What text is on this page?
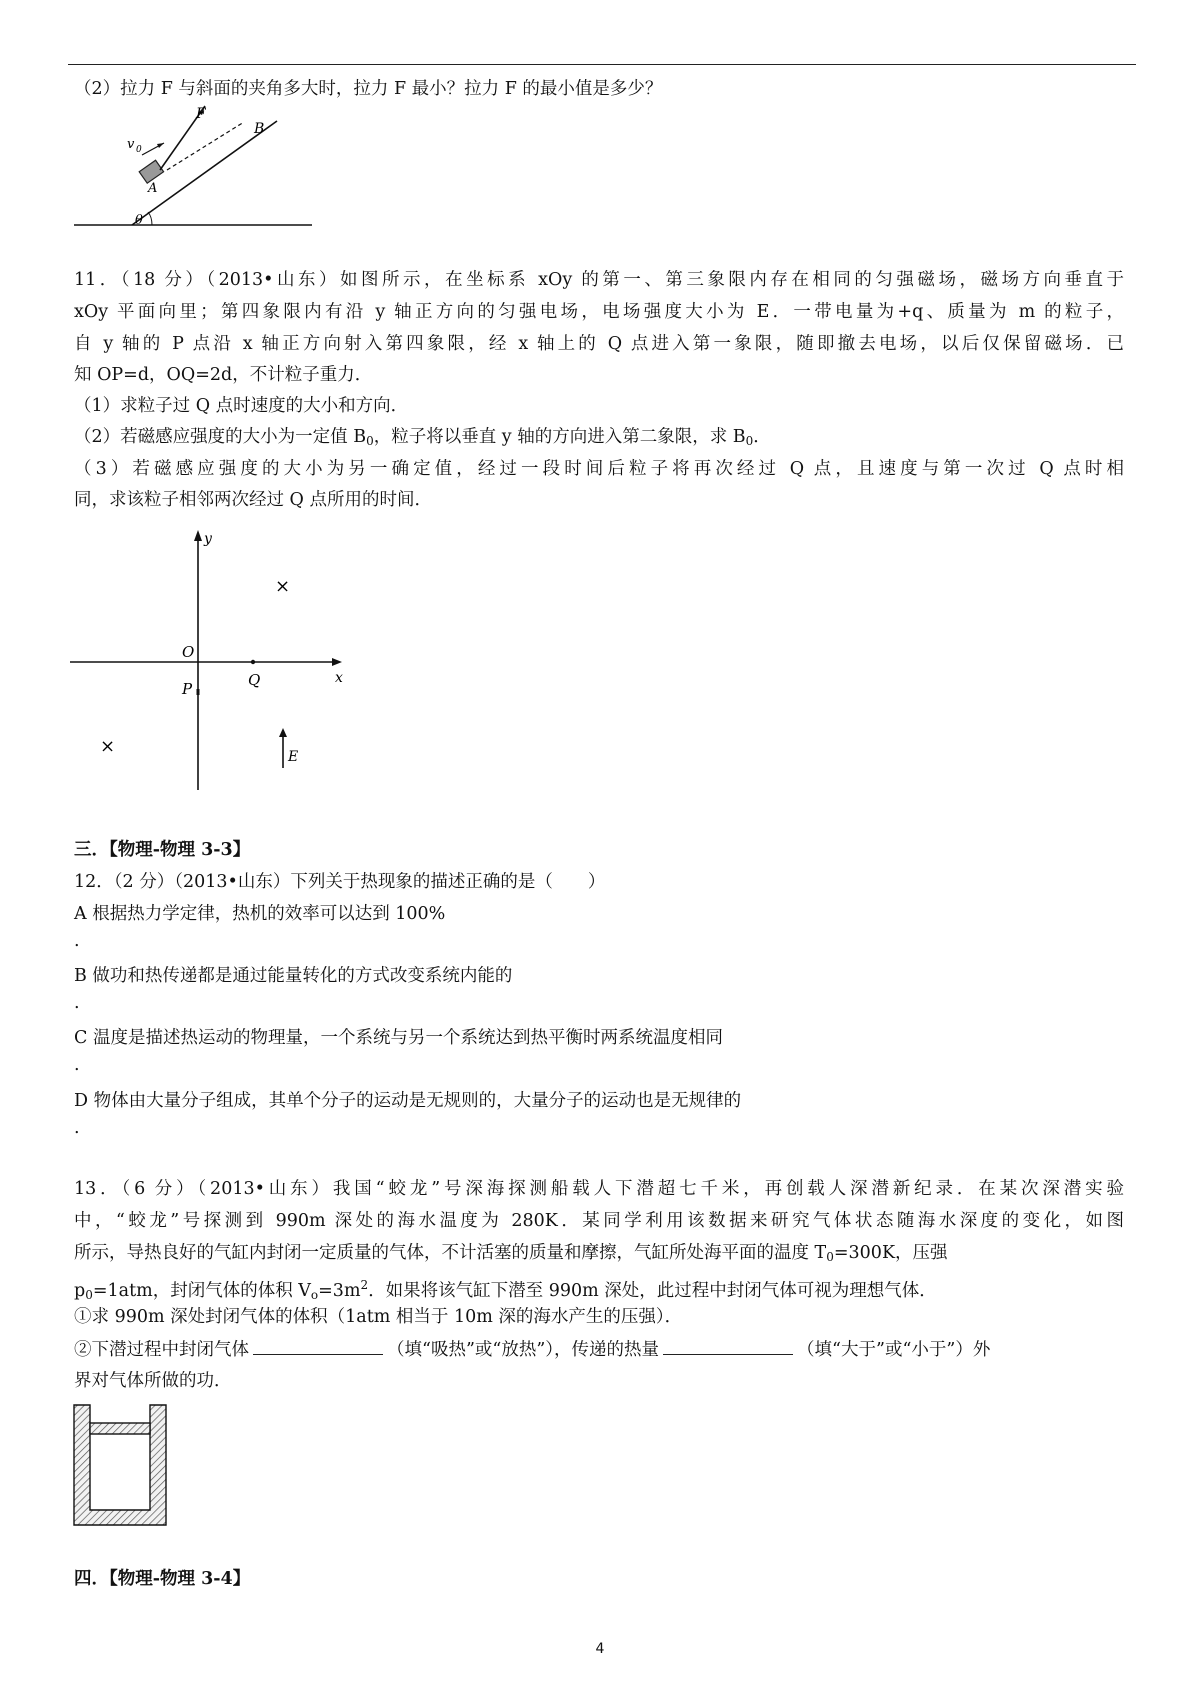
（2）拉力 F 与斜面的夹角多大时，拉力 F 最小？拉力 F 的最小值是多少？
F
v 0
A
B
θ
11．（18 分）（2013•山东）如图所示，在坐标系 xOy 的第一、第三象限内存在相同的匀强磁场，磁场方向垂直于
xOy 平面向里；第四象限内有沿 y 轴正方向的匀强电场，电场强度大小为 E．一带电量为+q、质量为 m 的粒子，
自 y 轴的 P 点沿 x 轴正方向射入第四象限，经 x 轴上的 Q 点进入第一象限，随即撤去电场，以后仅保留磁场．已
知 OP=d，OQ=2d，不计粒子重力．
（1）求粒子过 Q 点时速度的大小和方向．
（2）若磁感应强度的大小为一定值 $B_0$，粒子将以垂直 y 轴的方向进入第二象限，求 $B_0$．
（3）若磁感应强度的大小为另一确定值，经过一段时间后粒子将再次经过 Q 点，且速度与第一次过 Q 点时相
同，求该粒子相邻两次经过 Q 点所用的时间．
y
x
O
P	Q
E
×
×
三．【物理-物理 3-3】
12．（2 分）（2013•山东）下列关于热现象的描述正确的是（　　）
A 根据热力学定律，热机的效率可以达到 100%
.
B 做功和热传递都是通过能量转化的方式改变系统内能的
.
C 温度是描述热运动的物理量，一个系统与另一个系统达到热平衡时两系统温度相同
.
D 物体由大量分子组成，其单个分子的运动是无规则的，大量分子的运动也是无规律的
.
13．（6 分）（2013•山东）我国“蛟龙”号深海探测船载人下潜超七千米，再创载人深潜新纪录．在某次深潜实验
中，“蛟龙”号探测到 990m 深处的海水温度为 280K．某同学利用该数据来研究气体状态随海水深度的变化，如图
所示，导热良好的气缸内封闭一定质量的气体，不计活塞的质量和摩擦，气缸所处海平面的温度 $T_0=300K$，压强
$p_0=1atm$，封闭气体的体积 $V_o=3m^2$．如果将该气缸下潜至 990m 深处，此过程中封闭气体可视为理想气体．
①求 990m 深处封闭气体的体积（1atm 相当于 10m 深的海水产生的压强）．
②下潜过程中封闭气体	（填“吸热”或“放热”），传递的热量	（填“大于”或“小于”）外
界对气体所做的功．
四．【物理-物理 3-4】
4
